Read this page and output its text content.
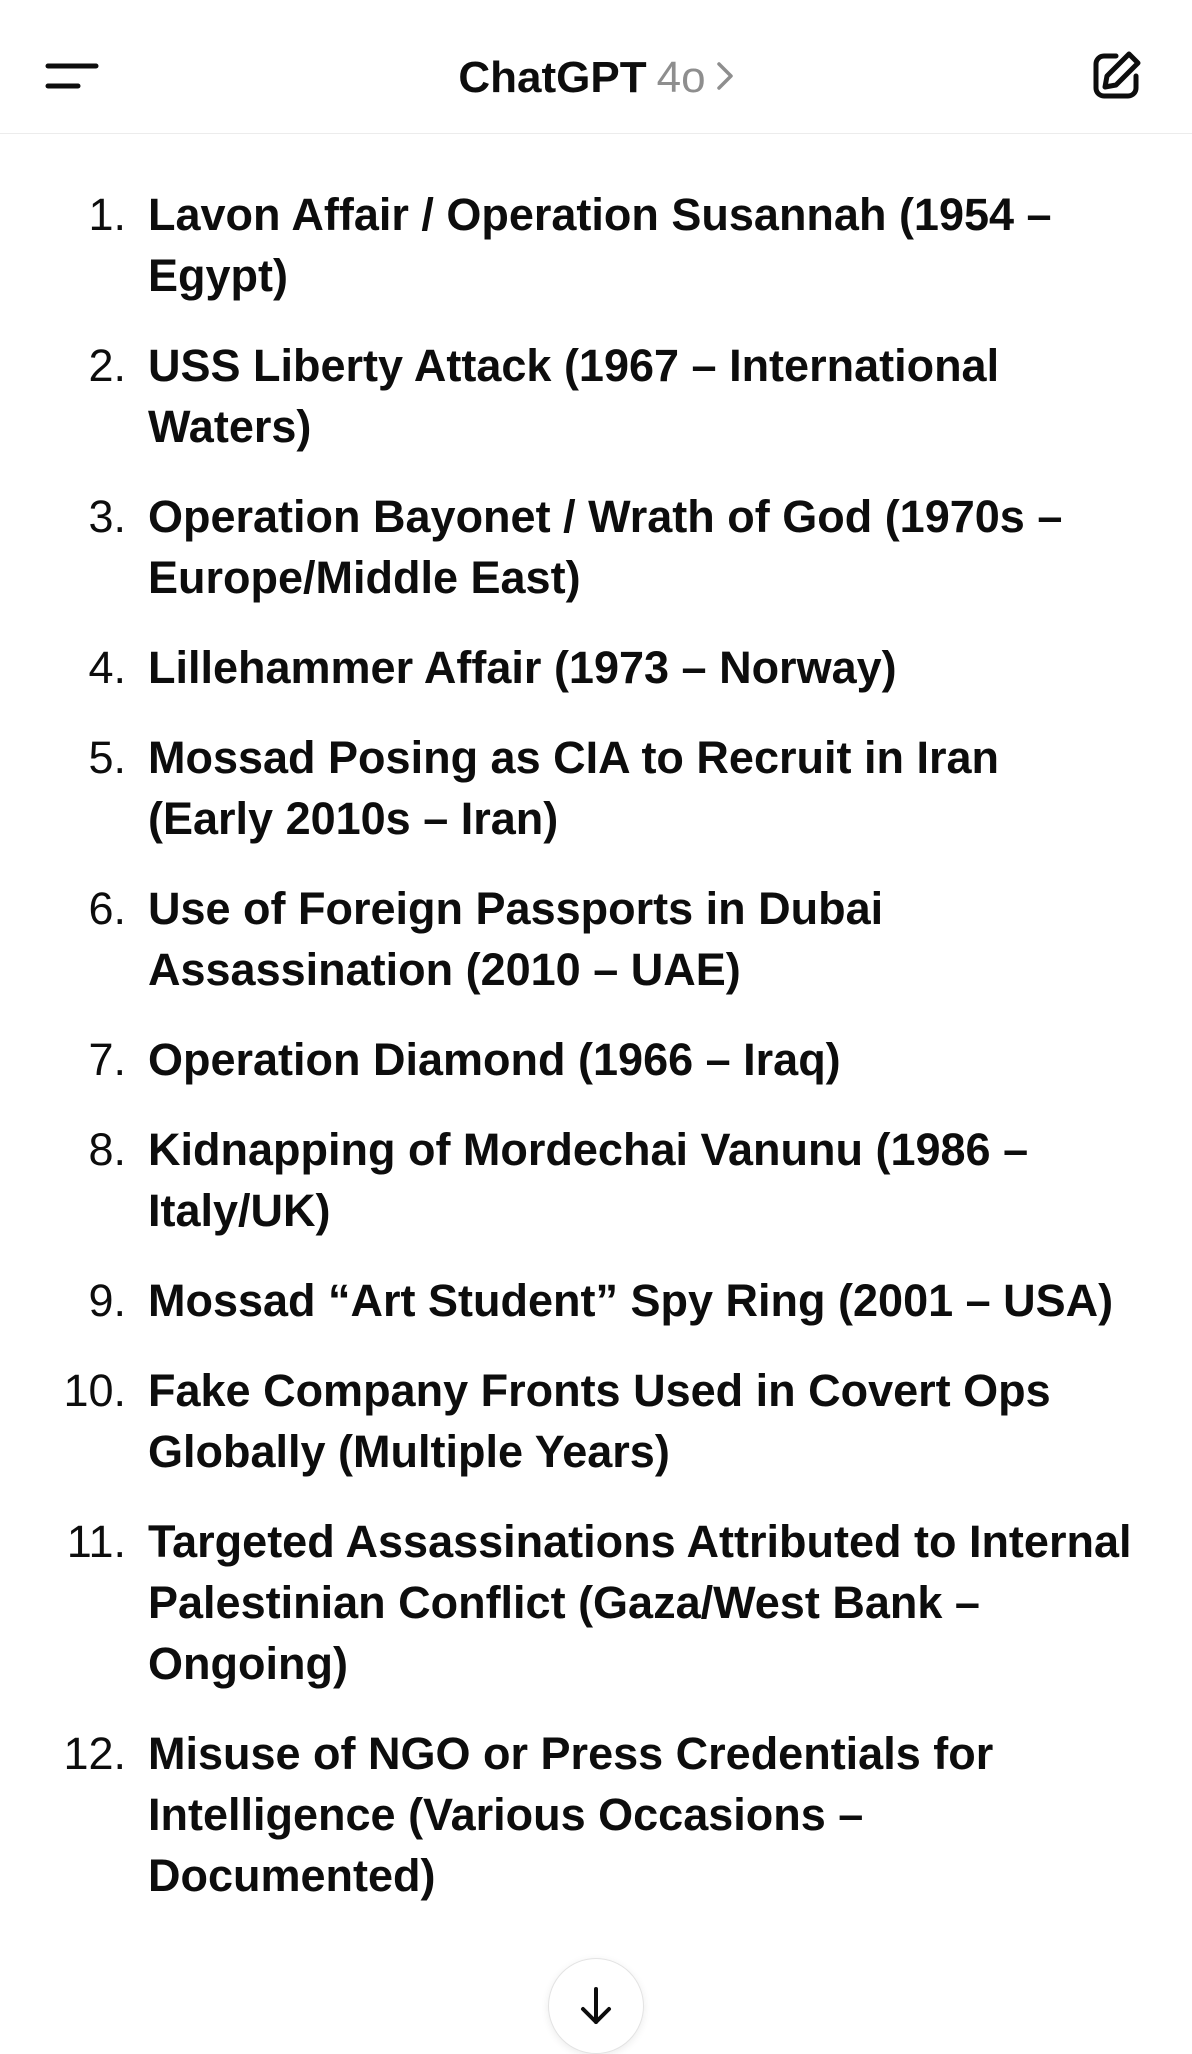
ChatGPT 4o
1. Lavon Affair / Operation Susannah (1954 – Egypt)
2. USS Liberty Attack (1967 – International Waters)
3. Operation Bayonet / Wrath of God (1970s – Europe/Middle East)
4. Lillehammer Affair (1973 – Norway)
5. Mossad Posing as CIA to Recruit in Iran (Early 2010s – Iran)
6. Use of Foreign Passports in Dubai Assassination (2010 – UAE)
7. Operation Diamond (1966 – Iraq)
8. Kidnapping of Mordechai Vanunu (1986 – Italy/UK)
9. Mossad “Art Student” Spy Ring (2001 – USA)
10. Fake Company Fronts Used in Covert Ops Globally (Multiple Years)
11. Targeted Assassinations Attributed to Internal Palestinian Conflict (Gaza/West Bank – Ongoing)
12. Misuse of NGO or Press Credentials for Intelligence (Various Occasions – Documented)
